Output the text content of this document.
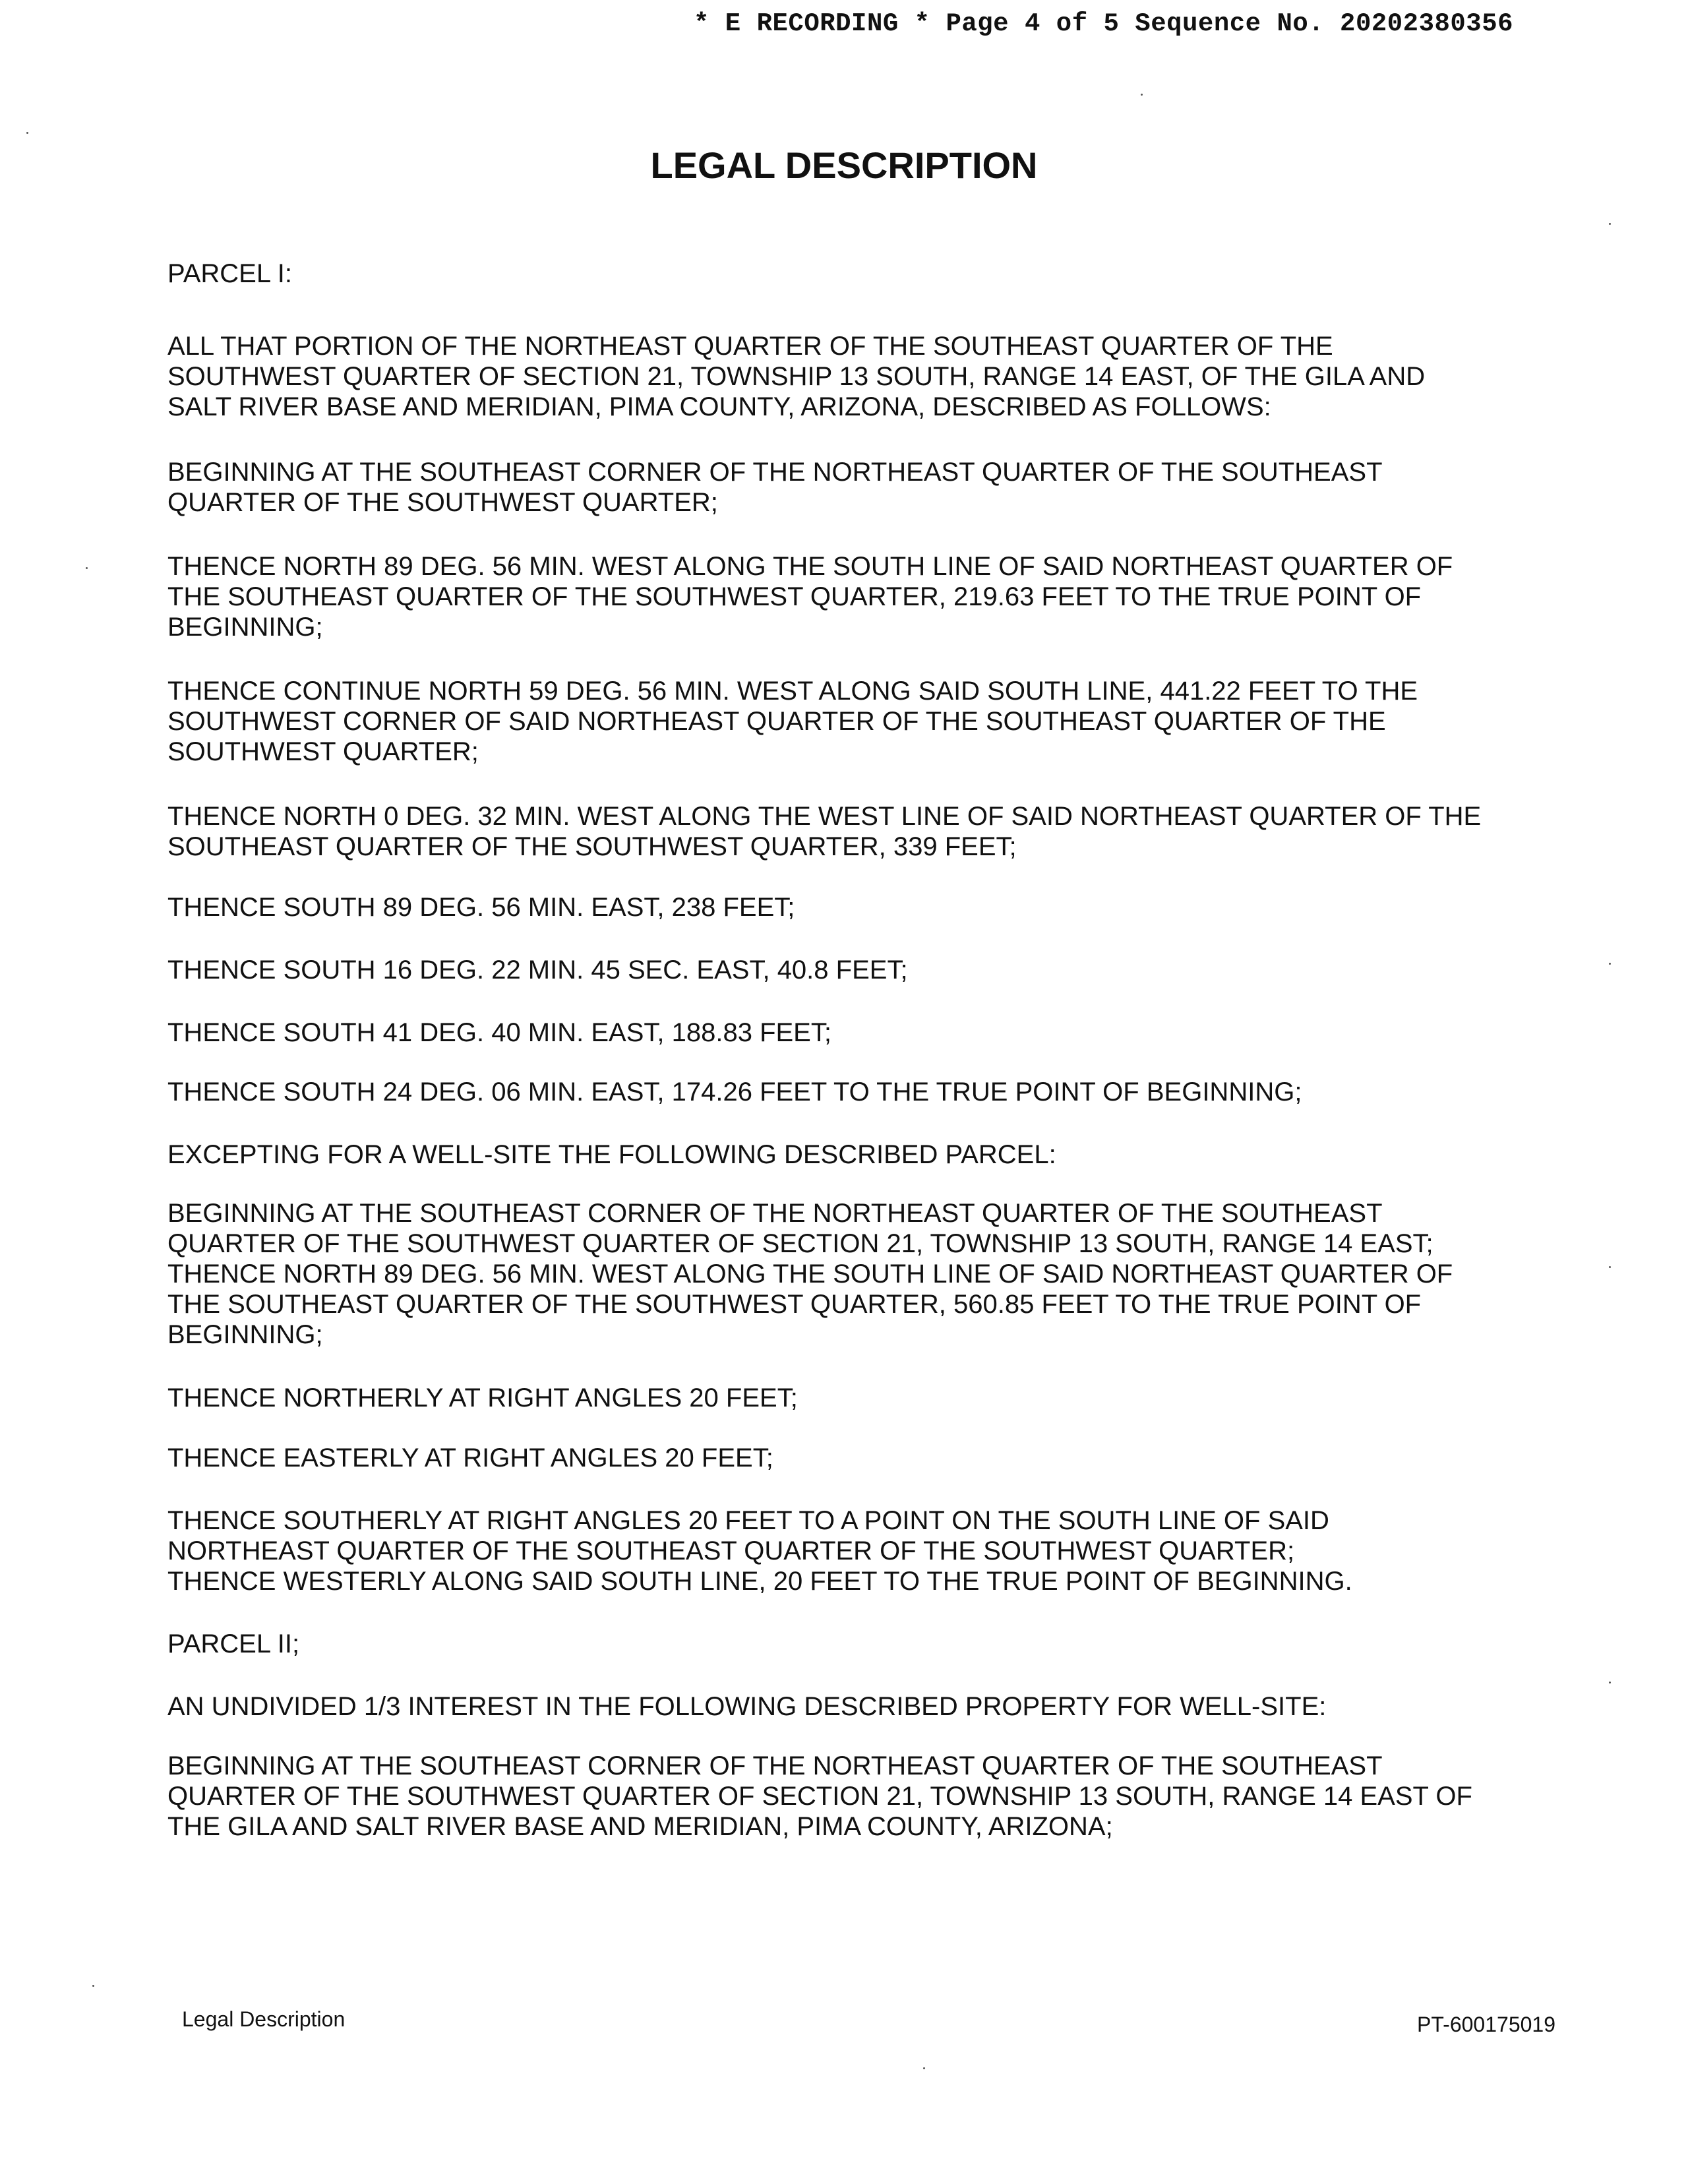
* E RECORDING * Page 4 of 5 Sequence No. 20202380356
LEGAL DESCRIPTION
PARCEL I:
ALL THAT PORTION OF THE NORTHEAST QUARTER OF THE SOUTHEAST QUARTER OF THE
SOUTHWEST QUARTER OF SECTION 21, TOWNSHIP 13 SOUTH, RANGE 14 EAST, OF THE GILA AND
SALT RIVER BASE AND MERIDIAN, PIMA COUNTY, ARIZONA, DESCRIBED AS FOLLOWS:
BEGINNING AT THE SOUTHEAST CORNER OF THE NORTHEAST QUARTER OF THE SOUTHEAST
QUARTER OF THE SOUTHWEST QUARTER;
THENCE NORTH 89 DEG. 56 MIN. WEST ALONG THE SOUTH LINE OF SAID NORTHEAST QUARTER OF
THE SOUTHEAST QUARTER OF THE SOUTHWEST QUARTER, 219.63 FEET TO THE TRUE POINT OF
BEGINNING;
THENCE CONTINUE NORTH 59 DEG. 56 MIN. WEST ALONG SAID SOUTH LINE, 441.22 FEET TO THE
SOUTHWEST CORNER OF SAID NORTHEAST QUARTER OF THE SOUTHEAST QUARTER OF THE
SOUTHWEST QUARTER;
THENCE NORTH 0 DEG. 32 MIN. WEST ALONG THE WEST LINE OF SAID NORTHEAST QUARTER OF THE
SOUTHEAST QUARTER OF THE SOUTHWEST QUARTER, 339 FEET;
THENCE SOUTH 89 DEG. 56 MIN. EAST, 238 FEET;
THENCE SOUTH 16 DEG. 22 MIN. 45 SEC. EAST, 40.8 FEET;
THENCE SOUTH 41 DEG. 40 MIN. EAST, 188.83 FEET;
THENCE SOUTH 24 DEG. 06 MIN. EAST, 174.26 FEET TO THE TRUE POINT OF BEGINNING;
EXCEPTING FOR A WELL-SITE THE FOLLOWING DESCRIBED PARCEL:
BEGINNING AT THE SOUTHEAST CORNER OF THE NORTHEAST QUARTER OF THE SOUTHEAST
QUARTER OF THE SOUTHWEST QUARTER OF SECTION 21, TOWNSHIP 13 SOUTH, RANGE 14 EAST;
THENCE NORTH 89 DEG. 56 MIN. WEST ALONG THE SOUTH LINE OF SAID NORTHEAST QUARTER OF
THE SOUTHEAST QUARTER OF THE SOUTHWEST QUARTER, 560.85 FEET TO THE TRUE POINT OF
BEGINNING;
THENCE NORTHERLY AT RIGHT ANGLES 20 FEET;
THENCE EASTERLY AT RIGHT ANGLES 20 FEET;
THENCE SOUTHERLY AT RIGHT ANGLES 20 FEET TO A POINT ON THE SOUTH LINE OF SAID
NORTHEAST QUARTER OF THE SOUTHEAST QUARTER OF THE SOUTHWEST QUARTER;
THENCE WESTERLY ALONG SAID SOUTH LINE, 20 FEET TO THE TRUE POINT OF BEGINNING.
PARCEL II;
AN UNDIVIDED 1/3 INTEREST IN THE FOLLOWING DESCRIBED PROPERTY FOR WELL-SITE:
BEGINNING AT THE SOUTHEAST CORNER OF THE NORTHEAST QUARTER OF THE SOUTHEAST
QUARTER OF THE SOUTHWEST QUARTER OF SECTION 21, TOWNSHIP 13 SOUTH, RANGE 14 EAST OF
THE GILA AND SALT RIVER BASE AND MERIDIAN, PIMA COUNTY, ARIZONA;
Legal Description	PT-600175019
